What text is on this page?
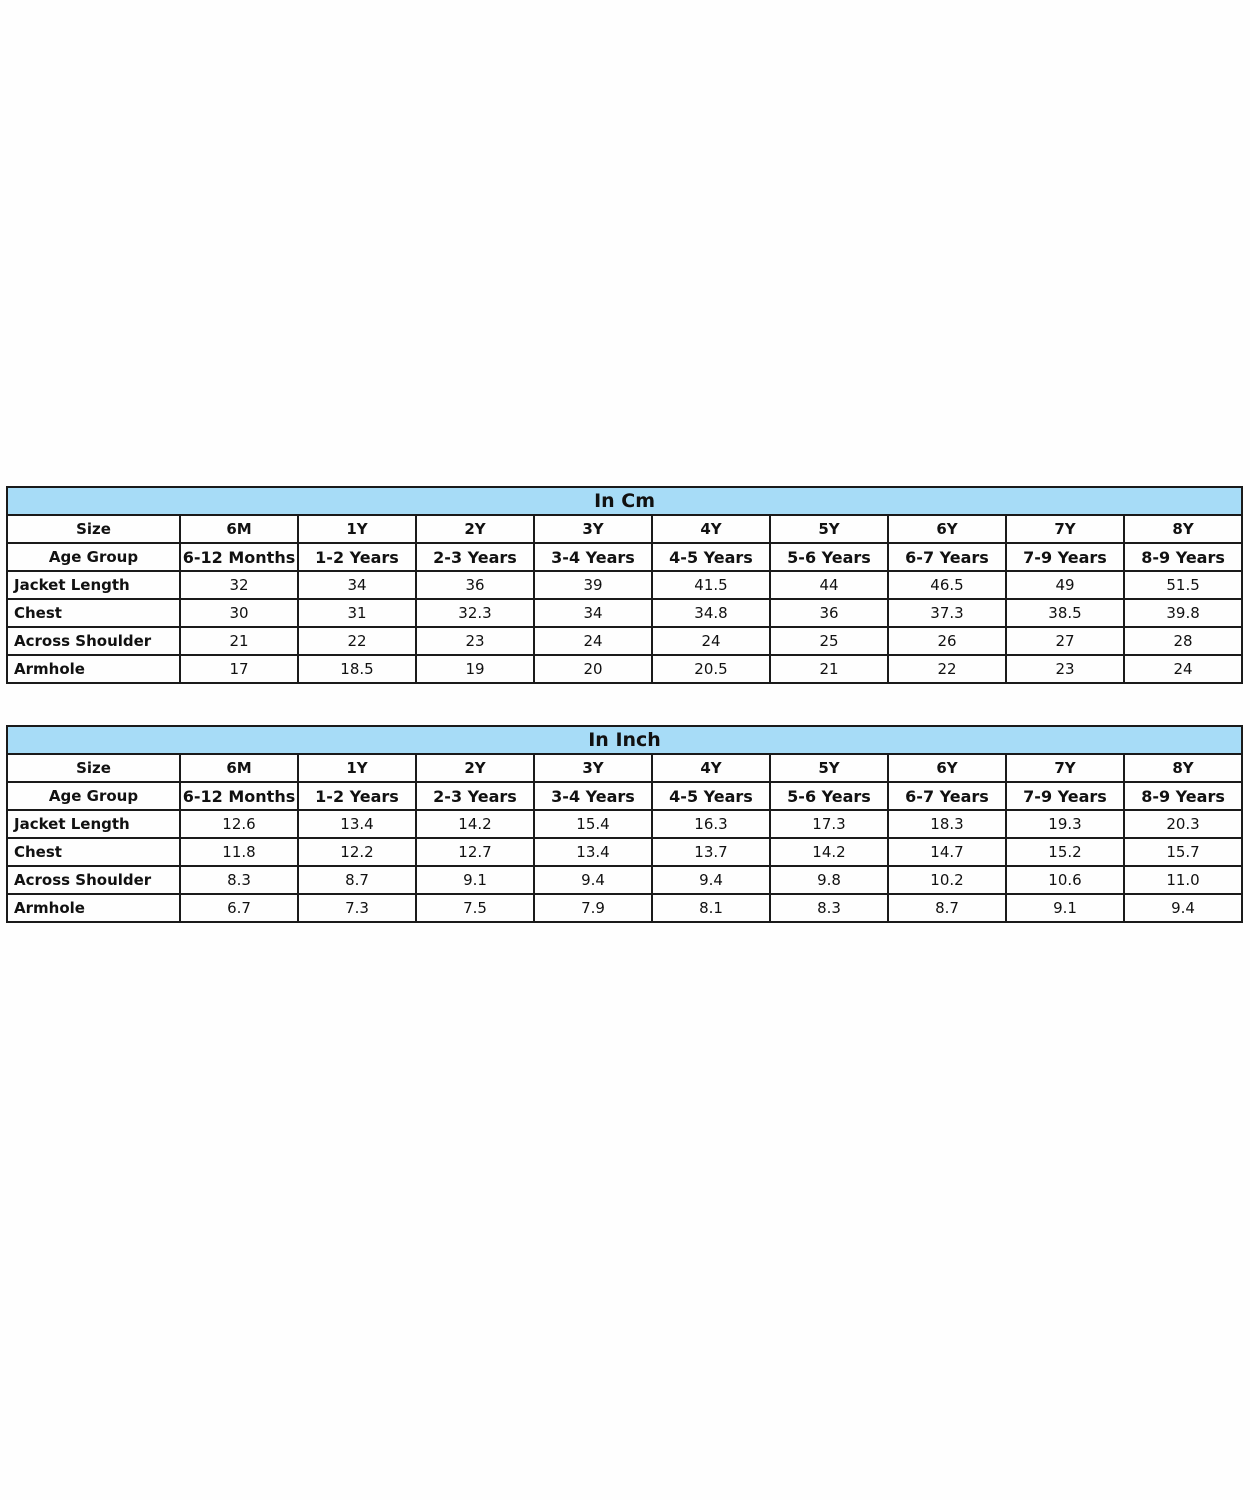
In Cm									
Size	6M	1Y	2Y	3Y	4Y	5Y	6Y	7Y	8Y
Age Group	6-12 Months	1-2 Years	2-3 Years	3-4 Years	4-5 Years	5-6 Years	6-7 Years	7-9 Years	8-9 Years
Jacket Length	32	34	36	39	41.5	44	46.5	49	51.5
Chest	30	31	32.3	34	34.8	36	37.3	38.5	39.8
Across Shoulder	21	22	23	24	24	25	26	27	28
Armhole	17	18.5	19	20	20.5	21	22	23	24
In Inch									
Size	6M	1Y	2Y	3Y	4Y	5Y	6Y	7Y	8Y
Age Group	6-12 Months	1-2 Years	2-3 Years	3-4 Years	4-5 Years	5-6 Years	6-7 Years	7-9 Years	8-9 Years
Jacket Length	12.6	13.4	14.2	15.4	16.3	17.3	18.3	19.3	20.3
Chest	11.8	12.2	12.7	13.4	13.7	14.2	14.7	15.2	15.7
Across Shoulder	8.3	8.7	9.1	9.4	9.4	9.8	10.2	10.6	11.0
Armhole	6.7	7.3	7.5	7.9	8.1	8.3	8.7	9.1	9.4
